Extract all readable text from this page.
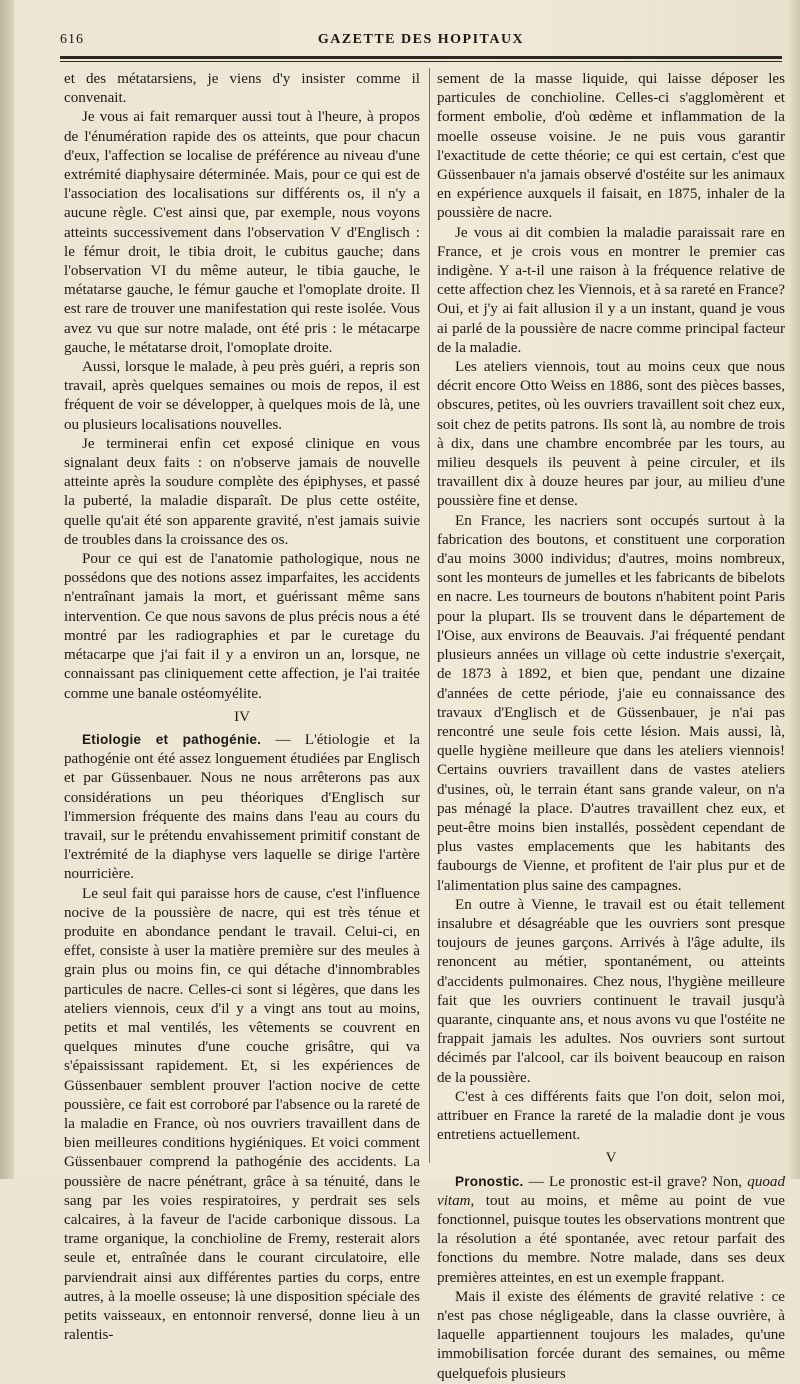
616	GAZETTE DES HOPITAUX

et des métatarsiens, je viens d'y insister comme il convenait.

Je vous ai fait remarquer aussi tout à l'heure, à propos de l'énumération rapide des os atteints, que pour chacun d'eux, l'affection se localise de préférence au niveau d'une extrémité diaphysaire déterminée. Mais, pour ce qui est de l'association des localisations sur différents os, il n'y a aucune règle. C'est ainsi que, par exemple, nous voyons atteints successivement dans l'observation V d'Englisch : le fémur droit, le tibia droit, le cubitus gauche; dans l'observation VI du même auteur, le tibia gauche, le métatarse gauche, le fémur gauche et l'omoplate droite. Il est rare de trouver une manifestation qui reste isolée. Vous avez vu que sur notre malade, ont été pris : le métacarpe gauche, le métatarse droit, l'omoplate droite.

Aussi, lorsque le malade, à peu près guéri, a repris son travail, après quelques semaines ou mois de repos, il est fréquent de voir se développer, à quelques mois de là, une ou plusieurs localisations nouvelles.

Je terminerai enfin cet exposé clinique en vous signalant deux faits : on n'observe jamais de nouvelle atteinte après la soudure complète des épiphyses, et passé la puberté, la maladie disparaît. De plus cette ostéite, quelle qu'ait été son apparente gravité, n'est jamais suivie de troubles dans la croissance des os.

Pour ce qui est de l'anatomie pathologique, nous ne possédons que des notions assez imparfaites, les accidents n'entraînant jamais la mort, et guérissant même sans intervention. Ce que nous savons de plus précis nous a été montré par les radiographies et par le curetage du métacarpe que j'ai fait il y a environ un an, lorsque, ne connaissant pas cliniquement cette affection, je l'ai traitée comme une banale ostéomyélite.

IV

Etiologie et pathogénie. — L'étiologie et la pathogénie ont été assez longuement étudiées par Englisch et par Güssenbauer. Nous ne nous arrêterons pas aux considérations un peu théoriques d'Englisch sur l'immersion fréquente des mains dans l'eau au cours du travail, sur le prétendu envahissement primitif constant de l'extrémité de la diaphyse vers laquelle se dirige l'artère nourricière.

Le seul fait qui paraisse hors de cause, c'est l'influence nocive de la poussière de nacre, qui est très ténue et produite en abondance pendant le travail. Celui-ci, en effet, consiste à user la matière première sur des meules à grain plus ou moins fin, ce qui détache d'innombrables particules de nacre. Celles-ci sont si légères, que dans les ateliers viennois, ceux d'il y a vingt ans tout au moins, petits et mal ventilés, les vêtements se couvrent en quelques minutes d'une couche grisâtre, qui va s'épaississant rapidement. Et, si les expériences de Güssenbauer semblent prouver l'action nocive de cette poussière, ce fait est corroboré par l'absence ou la rareté de la maladie en France, où nos ouvriers travaillent dans de bien meilleures conditions hygiéniques. Et voici comment Güssenbauer comprend la pathogénie des accidents. La poussière de nacre pénétrant, grâce à sa ténuité, dans le sang par les voies respiratoires, y perdrait ses sels calcaires, à la faveur de l'acide carbonique dissous. La trame organique, la conchioline de Fremy, resterait alors seule et, entraînée dans le courant circulatoire, elle parviendrait ainsi aux différentes parties du corps, entre autres, à la moelle osseuse; là une disposition spéciale des petits vaisseaux, en entonnoir renversé, donne lieu à un ralentis-

sement de la masse liquide, qui laisse déposer les particules de conchioline. Celles-ci s'agglomèrent et forment embolie, d'où œdème et inflammation de la moelle osseuse voisine. Je ne puis vous garantir l'exactitude de cette théorie; ce qui est certain, c'est que Güssenbauer n'a jamais observé d'ostéite sur les animaux en expérience auxquels il faisait, en 1875, inhaler de la poussière de nacre.

Je vous ai dit combien la maladie paraissait rare en France, et je crois vous en montrer le premier cas indigène. Y a-t-il une raison à la fréquence relative de cette affection chez les Viennois, et à sa rareté en France? Oui, et j'y ai fait allusion il y a un instant, quand je vous ai parlé de la poussière de nacre comme principal facteur de la maladie.

Les ateliers viennois, tout au moins ceux que nous décrit encore Otto Weiss en 1886, sont des pièces basses, obscures, petites, où les ouvriers travaillent soit chez eux, soit chez de petits patrons. Ils sont là, au nombre de trois à dix, dans une chambre encombrée par les tours, au milieu desquels ils peuvent à peine circuler, et ils travaillent dix à douze heures par jour, au milieu d'une poussière fine et dense.

En France, les nacriers sont occupés surtout à la fabrication des boutons, et constituent une corporation d'au moins 3000 individus; d'autres, moins nombreux, sont les monteurs de jumelles et les fabricants de bibelots en nacre. Les tourneurs de boutons n'habitent point Paris pour la plupart. Ils se trouvent dans le département de l'Oise, aux environs de Beauvais. J'ai fréquenté pendant plusieurs années un village où cette industrie s'exerçait, de 1873 à 1892, et bien que, pendant une dizaine d'années de cette période, j'aie eu connaissance des travaux d'Englisch et de Güssenbauer, je n'ai pas rencontré une seule fois cette lésion. Mais aussi, là, quelle hygiène meilleure que dans les ateliers viennois! Certains ouvriers travaillent dans de vastes ateliers d'usines, où, le terrain étant sans grande valeur, on n'a pas ménagé la place. D'autres travaillent chez eux, et peut-être moins bien installés, possèdent cependant de plus vastes emplacements que les habitants des faubourgs de Vienne, et profitent de l'air plus pur et de l'alimentation plus saine des campagnes.

En outre à Vienne, le travail est ou était tellement insalubre et désagréable que les ouvriers sont presque toujours de jeunes garçons. Arrivés à l'âge adulte, ils renoncent au métier, spontanément, ou atteints d'accidents pulmonaires. Chez nous, l'hygiène meilleure fait que les ouvriers continuent le travail jusqu'à quarante, cinquante ans, et nous avons vu que l'ostéite ne frappait jamais les adultes. Nos ouvriers sont surtout décimés par l'alcool, car ils boivent beaucoup en raison de la poussière.

C'est à ces différents faits que l'on doit, selon moi, attribuer en France la rareté de la maladie dont je vous entretiens actuellement.

V

Pronostic. — Le pronostic est-il grave? Non, quoad vitam, tout au moins, et même au point de vue fonctionnel, puisque toutes les observations montrent que la résolution a été spontanée, avec retour parfait des fonctions du membre. Notre malade, dans ses deux premières atteintes, en est un exemple frappant.

Mais il existe des éléments de gravité relative : ce n'est pas chose négligeable, dans la classe ouvrière, à laquelle appartiennent toujours les malades, qu'une immobilisation forcée durant des semaines, ou même quelquefois plusieurs
